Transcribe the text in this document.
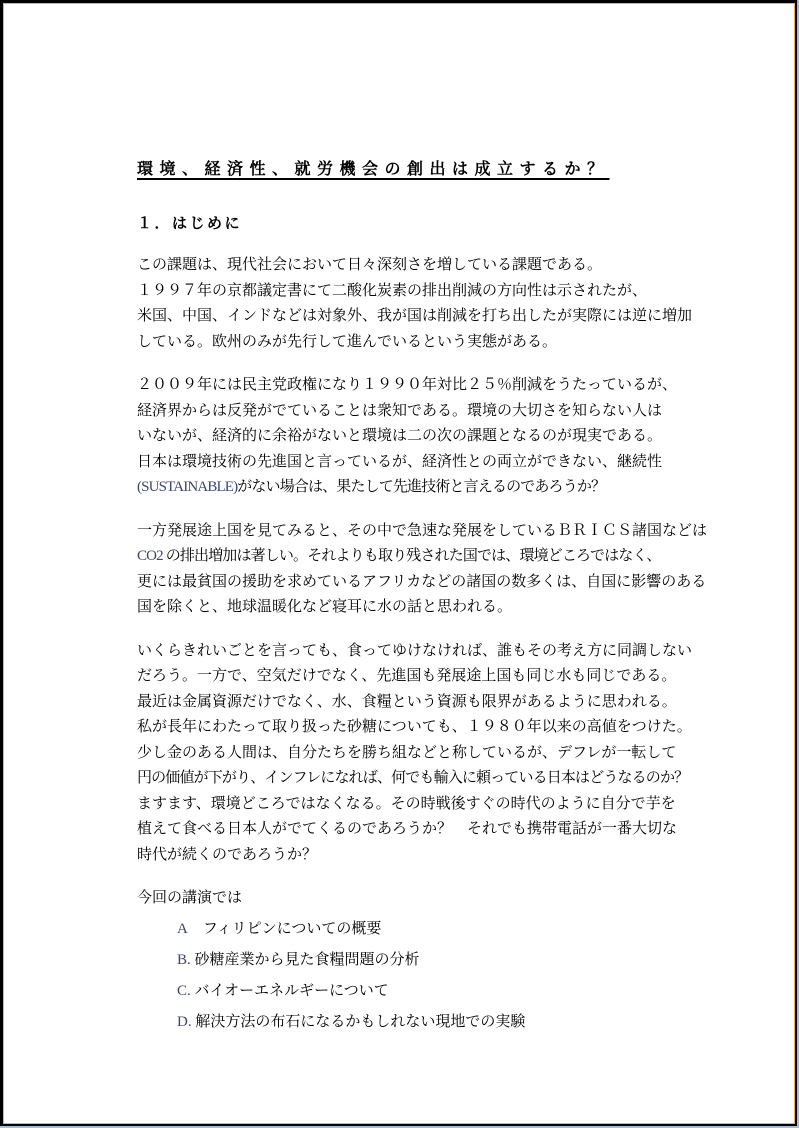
環境、経済性、就労機会の創出は成立するか？
１．はじめに
この課題は、現代社会において日々深刻さを増している課題である。
１９９７年の京都議定書にて二酸化炭素の排出削減の方向性は示されたが、
米国、中国、インドなどは対象外、我が国は削減を打ち出したが実際には逆に増加
している。欧州のみが先行して進んでいるという実態がある。
２００９年には民主党政権になり１９９０年対比２５％削減をうたっているが、
経済界からは反発がでていることは衆知である。環境の大切さを知らない人は
いないが、経済的に余裕がないと環境は二の次の課題となるのが現実である。
日本は環境技術の先進国と言っているが、経済性との両立ができない、継続性
(SUSTAINABLE)がない場合は、果たして先進技術と言えるのであろうか？
一方発展途上国を見てみると、その中で急速な発展をしているＢＲＩＣＳ諸国などは
CO2 の排出増加は著しい。それよりも取り残された国では、環境どころではなく、
更には最貧国の援助を求めているアフリカなどの諸国の数多くは、自国に影響のある
国を除くと、地球温暖化など寝耳に水の話と思われる。
いくらきれいごとを言っても、食ってゆけなければ、誰もその考え方に同調しない
だろう。一方で、空気だけでなく、先進国も発展途上国も同じ水も同じである。
最近は金属資源だけでなく、水、食糧という資源も限界があるように思われる。
私が長年にわたって取り扱った砂糖についても、１９８０年以来の高値をつけた。
少し金のある人間は、自分たちを勝ち組などと称しているが、デフレが一転して
円の価値が下がり、インフレになれば、何でも輸入に頼っている日本はどうなるのか？
ますます、環境どころではなくなる。その時戦後すぐの時代のように自分で芋を
植えて食べる日本人がでてくるのであろうか？　それでも携帯電話が一番大切な
時代が続くのであろうか？
今回の講演では
A　フィリピンについての概要
B. 砂糖産業から見た食糧問題の分析
C. バイオーエネルギーについて
D. 解決方法の布石になるかもしれない現地での実験
